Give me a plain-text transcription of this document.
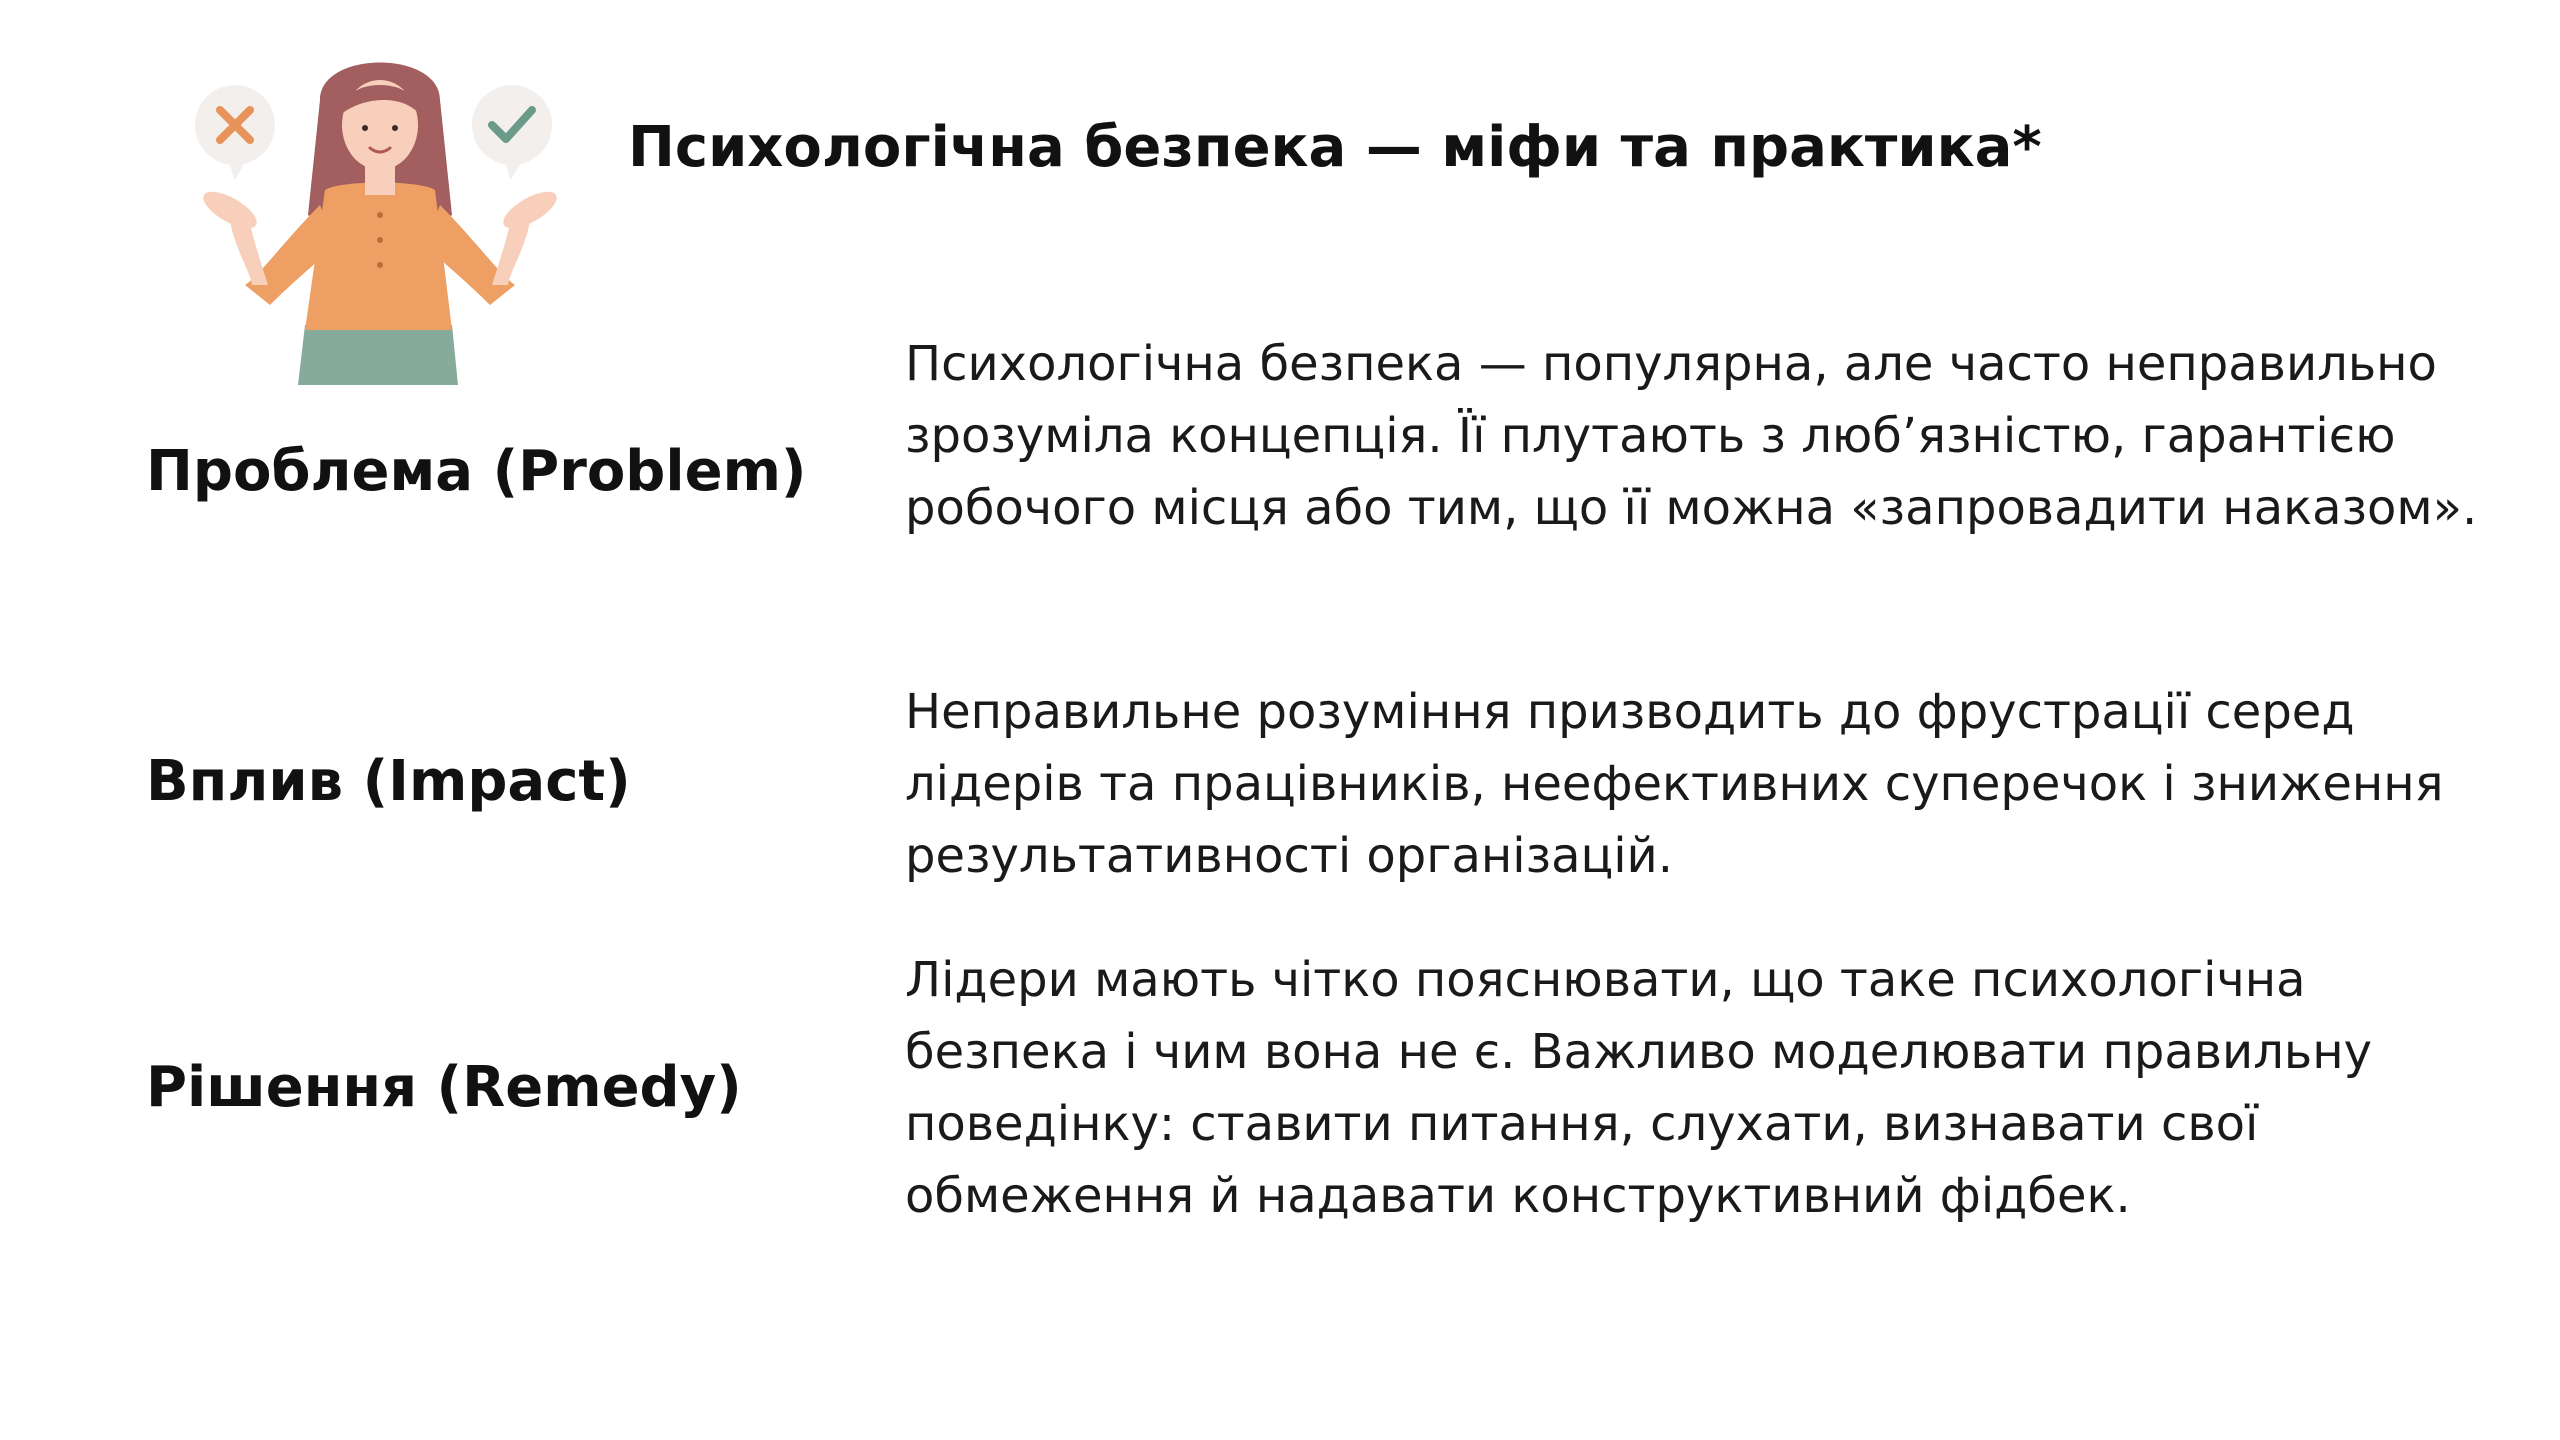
Психологічна безпека — міфи та практика*
Проблема (Problem)
Психологічна безпека — популярна, але часто неправильно зрозуміла концепція. Її плутають з люб’язністю, гарантією робочого місця або тим, що її можна «запровадити наказом».
Вплив (Impact)
Неправильне розуміння призводить до фрустрації серед лідерів та працівників, неефективних суперечок і зниження результативності організацій.
Рішення (Remedy)
Лідери мають чітко пояснювати, що таке психологічна безпека і чим вона не є. Важливо моделювати правильну поведінку: ставити питання, слухати, визнавати свої обмеження й надавати конструктивний фідбек.
